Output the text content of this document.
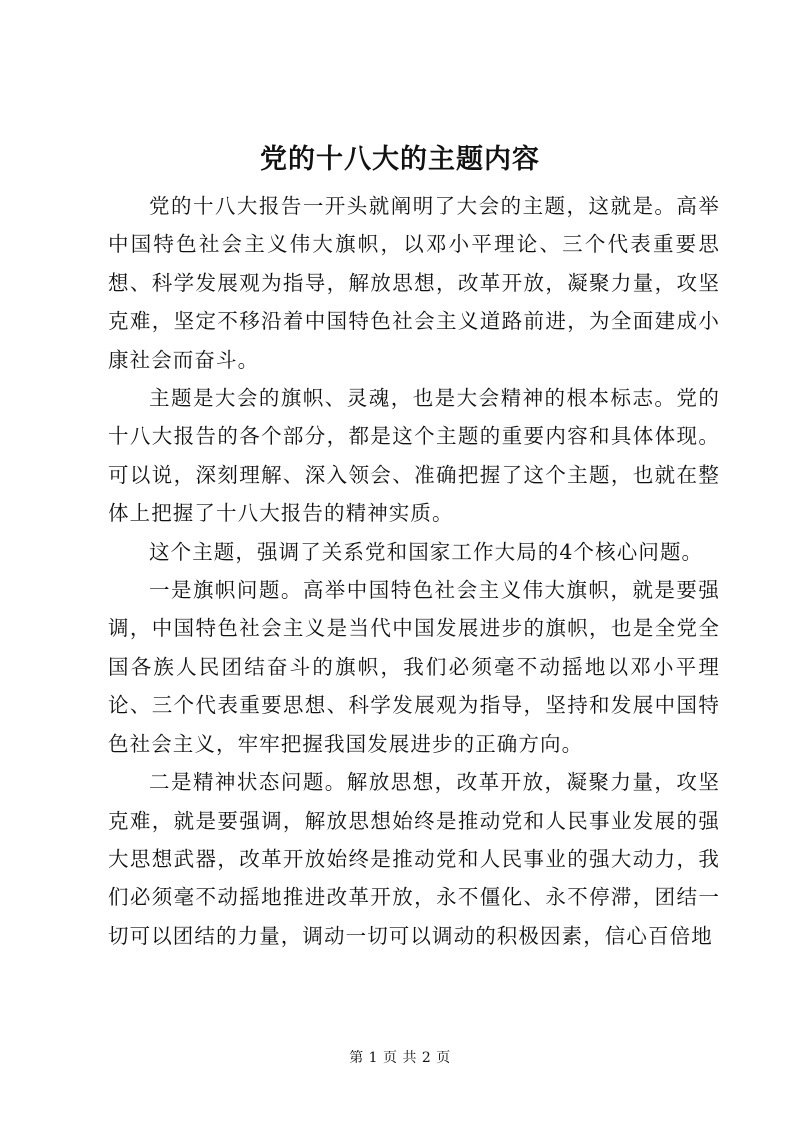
党的十八大的主题内容

党的十八大报告一开头就阐明了大会的主题，这就是。高举中国特色社会主义伟大旗帜，以邓小平理论、三个代表重要思想、科学发展观为指导，解放思想，改革开放，凝聚力量，攻坚克难，坚定不移沿着中国特色社会主义道路前进，为全面建成小康社会而奋斗。

主题是大会的旗帜、灵魂，也是大会精神的根本标志。党的十八大报告的各个部分，都是这个主题的重要内容和具体体现。可以说，深刻理解、深入领会、准确把握了这个主题，也就在整体上把握了十八大报告的精神实质。

这个主题，强调了关系党和国家工作大局的4个核心问题。

一是旗帜问题。高举中国特色社会主义伟大旗帜，就是要强调，中国特色社会主义是当代中国发展进步的旗帜，也是全党全国各族人民团结奋斗的旗帜，我们必须毫不动摇地以邓小平理论、三个代表重要思想、科学发展观为指导，坚持和发展中国特色社会主义，牢牢把握我国发展进步的正确方向。

二是精神状态问题。解放思想，改革开放，凝聚力量，攻坚克难，就是要强调，解放思想始终是推动党和人民事业发展的强大思想武器，改革开放始终是推动党和人民事业的强大动力，我们必须毫不动摇地推进改革开放，永不僵化、永不停滞，团结一切可以团结的力量，调动一切可以调动的积极因素，信心百倍地

第 1 页 共 2 页
